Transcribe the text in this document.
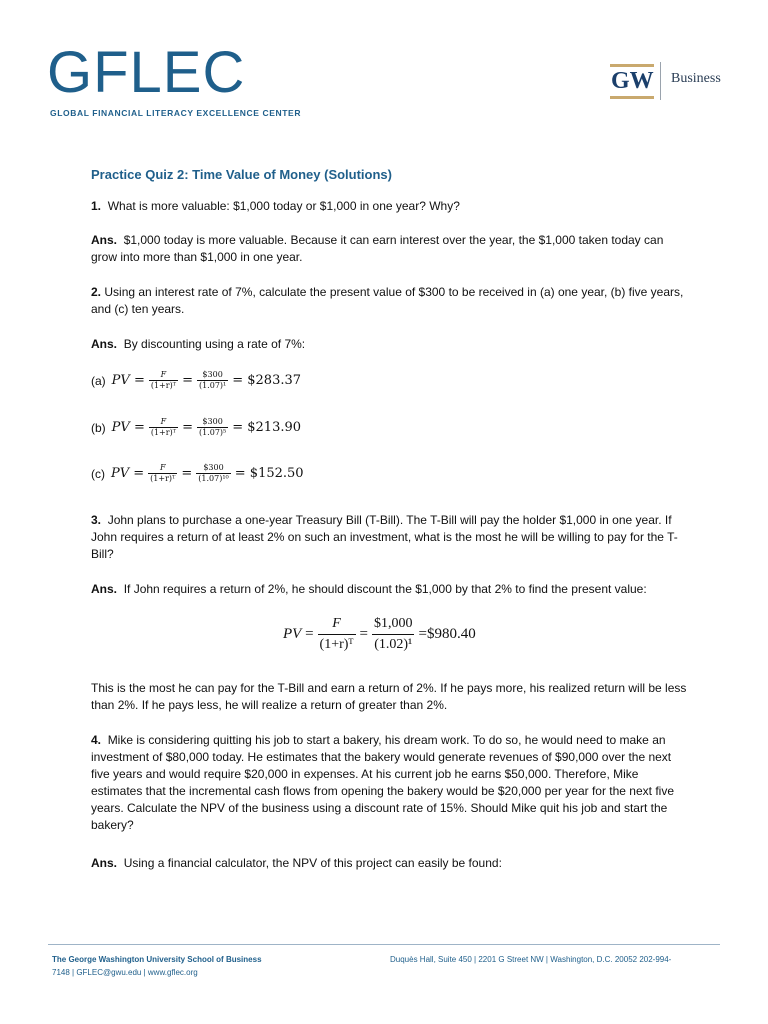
GFLEC
GLOBAL FINANCIAL LITERACY EXCELLENCE CENTER
GW Business
Practice Quiz 2: Time Value of Money (Solutions)
1. What is more valuable: $1,000 today or $1,000 in one year? Why?
Ans. $1,000 today is more valuable. Because it can earn interest over the year, the $1,000 taken today can grow into more than $1,000 in one year.
2. Using an interest rate of 7%, calculate the present value of $300 to be received in (a) one year, (b) five years, and (c) ten years.
Ans. By discounting using a rate of 7%:
(a) PV = $\frac{F}{\text{(1+r)ᵀ}} = \frac{\$300}{\text{(1.07)¹}}$ = $283.37
(b) PV = $\frac{F}{\text{(1+r)ᵀ}} = \frac{\$300}{\text{(1.07)⁵}}$ = $213.90
(c) PV = $\frac{F}{\text{(1+r)ᵀ}} = \frac{\$300}{\text{(1.07)¹⁰}}$ = $152.50
3. John plans to purchase a one-year Treasury Bill (T-Bill). The T-Bill will pay the holder $1,000 in one year. If John requires a return of at least 2% on such an investment, what is the most he will be willing to pay for the T-Bill?
Ans. If John requires a return of 2%, he should discount the $1,000 by that 2% to find the present value:
PV = $\frac{F}{\text{(1+r)ᵀ}} = \frac{\$1,000}{\text{(1.02)¹}}$ = $980.40
This is the most he can pay for the T-Bill and earn a return of 2%. If he pays more, his realized return will be less than 2%. If he pays less, he will realize a return of greater than 2%.
4. Mike is considering quitting his job to start a bakery, his dream work. To do so, he would need to make an investment of $80,000 today. He estimates that the bakery would generate revenues of $90,000 over the next five years and would require $20,000 in expenses. At his current job he earns $50,000. Therefore, Mike estimates that the incremental cash flows from opening the bakery would be $20,000 per year for the next five years. Calculate the NPV of the business using a discount rate of 15%. Should Mike quit his job and start the bakery?
Ans. Using a financial calculator, the NPV of this project can easily be found:
The George Washington University School of Business
7148 | GFLEC@gwu.edu | www.gflec.org
Duquès Hall, Suite 450 | 2201 G Street NW | Washington, D.C. 20052 202-994-
